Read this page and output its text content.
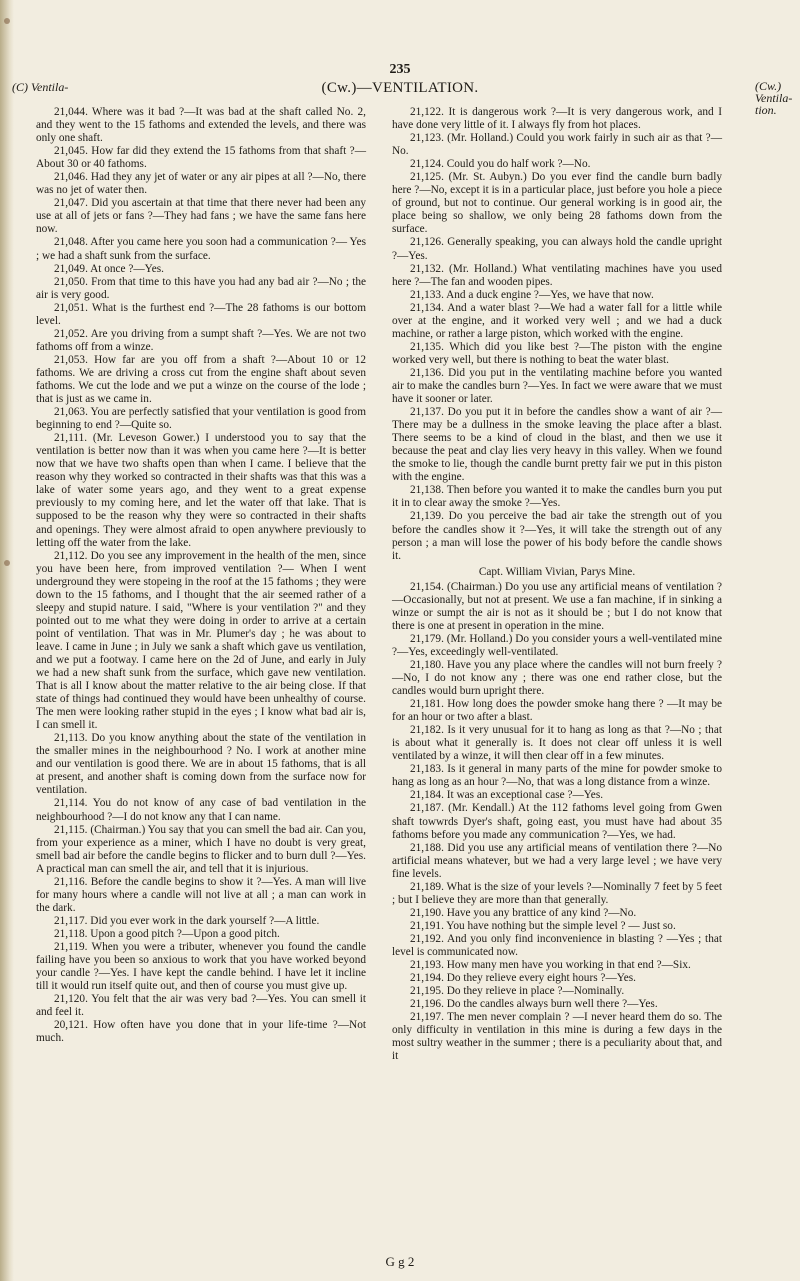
235
(C) Ventila-	(Cw.)—VENTILATION.	(Cw.) Ventila-
tion.

21,044. Where was it bad ?—It was bad at the shaft called No. 2, and they went to the 15 fathoms and extended the levels, and there was only one shaft.

21,045. How far did they extend the 15 fathoms from that shaft ?—About 30 or 40 fathoms.

21,046. Had they any jet of water or any air pipes at all ?—No, there was no jet of water then.

21,047. Did you ascertain at that time that there never had been any use at all of jets or fans ?—They had fans ; we have the same fans here now.

21,048. After you came here you soon had a communication ?— Yes ; we had a shaft sunk from the surface.

21,049. At once ?—Yes.

21,050. From that time to this have you had any bad air ?—No ; the air is very good.

21,051. What is the furthest end ?—The 28 fathoms is our bottom level.

21,052. Are you driving from a sumpt shaft ?—Yes. We are not two fathoms off from a winze.

21,053. How far are you off from a shaft ?—About 10 or 12 fathoms. We are driving a cross cut from the engine shaft about seven fathoms. We cut the lode and we put a winze on the course of the lode ; that is just as we came in.

21,063. You are perfectly satisfied that your ventilation is good from beginning to end ?—Quite so.

21,111. (Mr. Leveson Gower.) I understood you to say that the ventilation is better now than it was when you came here ?—It is better now that we have two shafts open than when I came. I believe that the reason why they worked so contracted in their shafts was that this was a lake of water some years ago, and they went to a great expense previously to my coming here, and let the water off that lake. That is supposed to be the reason why they were so contracted in their shafts and openings. They were almost afraid to open anywhere previously to letting off the water from the lake.

21,112. Do you see any improvement in the health of the men, since you have been here, from improved ventilation ?— When I went underground they were stopeing in the roof at the 15 fathoms ; they were down to the 15 fathoms, and I thought that the air seemed rather of a sleepy and stupid nature. I said, "Where is your ventilation ?" and they pointed out to me what they were doing in order to arrive at a certain point of ventilation. That was in Mr. Plumer's day ; he was about to leave. I came in June ; in July we sank a shaft which gave us ventilation, and we put a footway. I came here on the 2d of June, and early in July we had a new shaft sunk from the surface, which gave new ventilation. That is all I know about the matter relative to the air being close. If that state of things had continued they would have been unhealthy of course. The men were looking rather stupid in the eyes ; I know what bad air is, I can smell it.

21,113. Do you know anything about the state of the ventilation in the smaller mines in the neighbourhood ? No. I work at another mine and our ventilation is good there. We are in about 15 fathoms, that is all at present, and another shaft is coming down from the surface now for ventilation.

21,114. You do not know of any case of bad ventilation in the neighbourhood ?—I do not know any that I can name.

21,115. (Chairman.) You say that you can smell the bad air. Can you, from your experience as a miner, which I have no doubt is very great, smell bad air before the candle begins to flicker and to burn dull ?—Yes. A practical man can smell the air, and tell that it is injurious.

21,116. Before the candle begins to show it ?—Yes. A man will live for many hours where a candle will not live at all ; a man can work in the dark.

21,117. Did you ever work in the dark yourself ?—A little.

21,118. Upon a good pitch ?—Upon a good pitch.

21,119. When you were a tributer, whenever you found the candle failing have you been so anxious to work that you have worked beyond your candle ?—Yes. I have kept the candle behind. I have let it incline till it would run itself quite out, and then of course you must give up.

21,120. You felt that the air was very bad ?—Yes. You can smell it and feel it.

20,121. How often have you done that in your life-time ?—Not much.

21,122. It is dangerous work ?—It is very dangerous work, and I have done very little of it. I always fly from hot places.

21,123. (Mr. Holland.) Could you work fairly in such air as that ?—No.

21,124. Could you do half work ?—No.

21,125. (Mr. St. Aubyn.) Do you ever find the candle burn badly here ?—No, except it is in a particular place, just before you hole a piece of ground, but not to continue. Our general working is in good air, the place being so shallow, we only being 28 fathoms down from the surface.

21,126. Generally speaking, you can always hold the candle upright ?—Yes.

21,132. (Mr. Holland.) What ventilating machines have you used here ?—The fan and wooden pipes.

21,133. And a duck engine ?—Yes, we have that now.

21,134. And a water blast ?—We had a water fall for a little while over at the engine, and it worked very well ; and we had a duck machine, or rather a large piston, which worked with the engine.

21,135. Which did you like best ?—The piston with the engine worked very well, but there is nothing to beat the water blast.

21,136. Did you put in the ventilating machine before you wanted air to make the candles burn ?—Yes. In fact we were aware that we must have it sooner or later.

21,137. Do you put it in before the candles show a want of air ?—There may be a dullness in the smoke leaving the place after a blast. There seems to be a kind of cloud in the blast, and then we use it because the peat and clay lies very heavy in this valley. When we found the smoke to lie, though the candle burnt pretty fair we put in this piston with the engine.

21,138. Then before you wanted it to make the candles burn you put it in to clear away the smoke ?—Yes.

21,139. Do you perceive the bad air take the strength out of you before the candles show it ?—Yes, it will take the strength out of any person ; a man will lose the power of his body before the candle shows it.

Capt. William Vivian, Parys Mine.

21,154. (Chairman.) Do you use any artificial means of ventilation ?—Occasionally, but not at present. We use a fan machine, if in sinking a winze or sumpt the air is not as it should be ; but I do not know that there is one at present in operation in the mine.

21,179. (Mr. Holland.) Do you consider yours a well-ventilated mine ?—Yes, exceedingly well-ventilated.

21,180. Have you any place where the candles will not burn freely ?—No, I do not know any ; there was one end rather close, but the candles would burn upright there.

21,181. How long does the powder smoke hang there ? —It may be for an hour or two after a blast.

21,182. Is it very unusual for it to hang as long as that ?—No ; that is about what it generally is. It does not clear off unless it is well ventilated by a winze, it will then clear off in a few minutes.

21,183. Is it general in many parts of the mine for powder smoke to hang as long as an hour ?—No, that was a long distance from a winze.

21,184. It was an exceptional case ?—Yes.

21,187. (Mr. Kendall.) At the 112 fathoms level going from Gwen shaft towwrds Dyer's shaft, going east, you must have had about 35 fathoms before you made any communication ?—Yes, we had.

21,188. Did you use any artificial means of ventilation there ?—No artificial means whatever, but we had a very large level ; we have very fine levels.

21,189. What is the size of your levels ?—Nominally 7 feet by 5 feet ; but I believe they are more than that generally.

21,190. Have you any brattice of any kind ?—No.

21,191. You have nothing but the simple level ? — Just so.

21,192. And you only find inconvenience in blasting ? —Yes ; that level is communicated now.

21,193. How many men have you working in that end ?—Six.

21,194. Do they relieve every eight hours ?—Yes.

21,195. Do they relieve in place ?—Nominally.

21,196. Do the candles always burn well there ?—Yes.

21,197. The men never complain ? —I never heard them do so. The only difficulty in ventilation in this mine is during a few days in the most sultry weather in the summer ; there is a peculiarity about that, and it

G g 2
